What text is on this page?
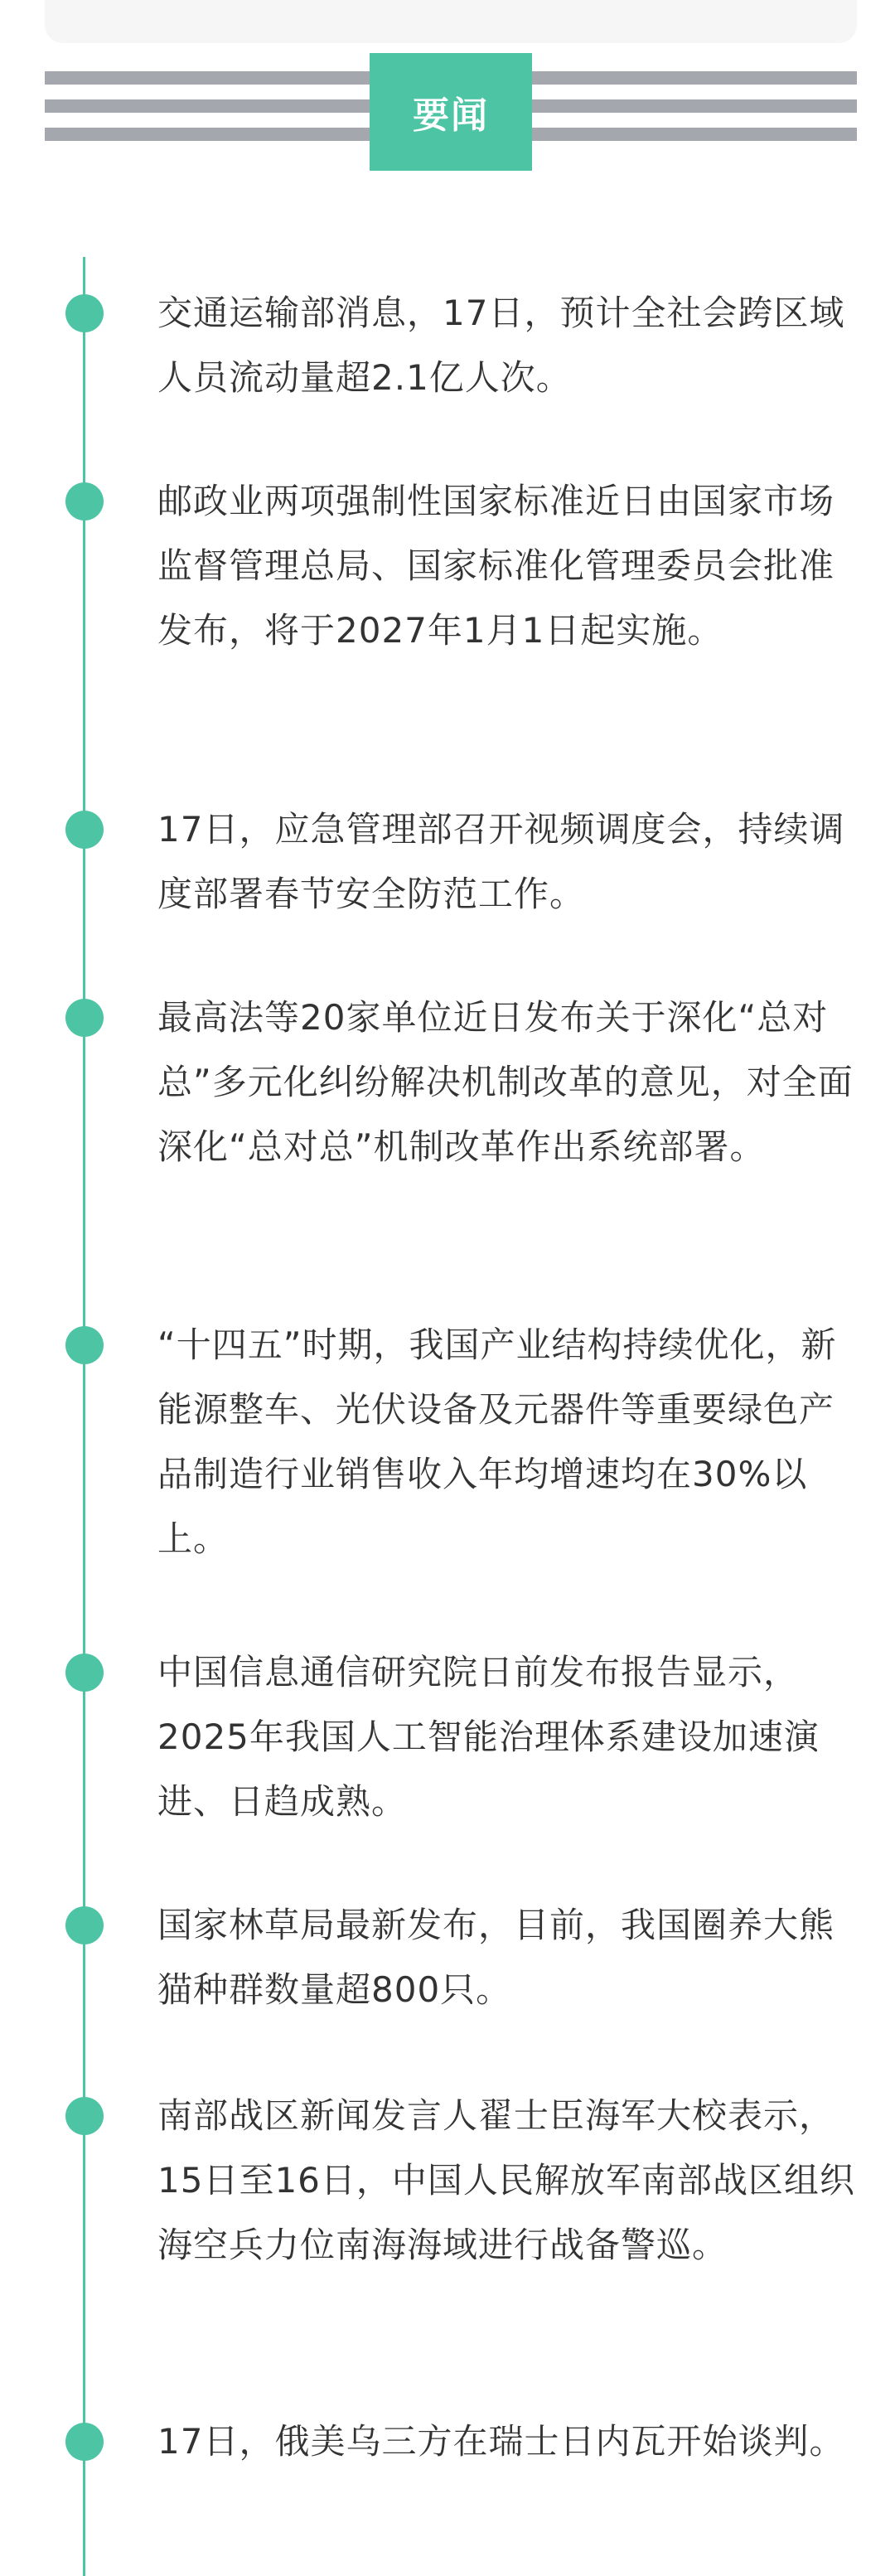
要闻

交通运输部消息，17日，预计全社会跨区域人员流动量超2.1亿人次。

邮政业两项强制性国家标准近日由国家市场监督管理总局、国家标准化管理委员会批准发布，将于2027年1月1日起实施。

17日，应急管理部召开视频调度会，持续调度部署春节安全防范工作。

最高法等20家单位近日发布关于深化“总对总”多元化纠纷解决机制改革的意见，对全面深化“总对总”机制改革作出系统部署。

“十四五”时期，我国产业结构持续优化，新能源整车、光伏设备及元器件等重要绿色产品制造行业销售收入年均增速均在30%以上。

中国信息通信研究院日前发布报告显示，2025年我国人工智能治理体系建设加速演进、日趋成熟。

国家林草局最新发布，目前，我国圈养大熊猫种群数量超800只。

南部战区新闻发言人翟士臣海军大校表示，15日至16日，中国人民解放军南部战区组织海空兵力位南海海域进行战备警巡。

17日，俄美乌三方在瑞士日内瓦开始谈判。
